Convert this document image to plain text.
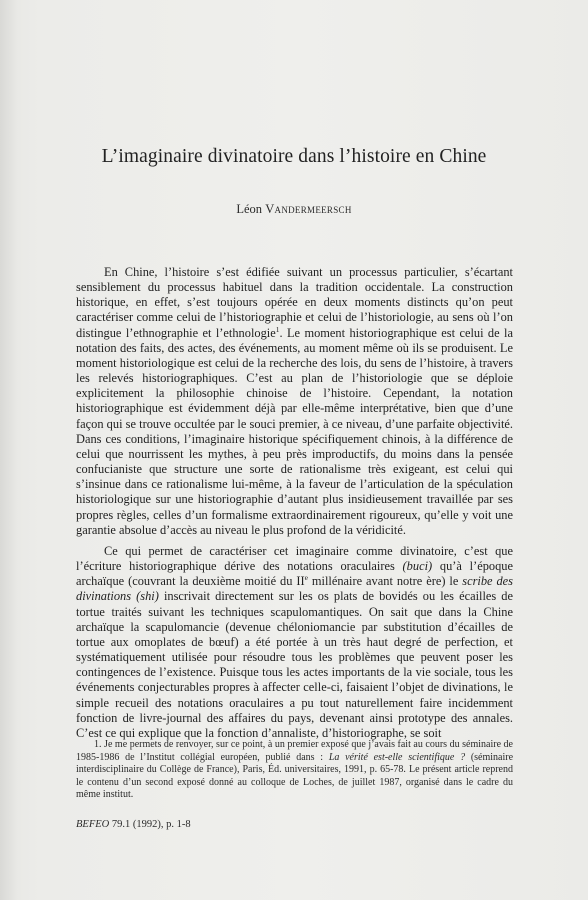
L’imaginaire divinatoire dans l’histoire en Chine
Léon Vandermeersch

En Chine, l’histoire s’est édifiée suivant un processus particulier, s’écartant sensiblement du processus habituel dans la tradition occidentale. La construction historique, en effet, s’est toujours opérée en deux moments distincts qu’on peut caractériser comme celui de l’historiographie et celui de l’historiologie, au sens où l’on distingue l’ethnographie et l’ethnologie$^1$. Le moment historiographique est celui de la notation des faits, des actes, des événements, au moment même où ils se produisent. Le moment historiologique est celui de la recherche des lois, du sens de l’histoire, à travers les relevés historiographiques. C’est au plan de l’historiologie que se déploie explicitement la philosophie chinoise de l’histoire. Cependant, la notation historiographique est évidemment déjà par elle-même interprétative, bien que d’une façon qui se trouve occultée par le souci premier, à ce niveau, d’une parfaite objectivité. Dans ces conditions, l’imaginaire historique spécifiquement chinois, à la différence de celui que nourrissent les mythes, à peu près improductifs, du moins dans la pensée confucianiste que structure une sorte de rationalisme très exigeant, est celui qui s’insinue dans ce rationalisme lui-même, à la faveur de l’articulation de la spéculation historiologique sur une historiographie d’autant plus insidieusement travaillée par ses propres règles, celles d’un formalisme extraordinairement rigoureux, qu’elle y voit une garantie absolue d’accès au niveau le plus profond de la véridicité.

Ce qui permet de caractériser cet imaginaire comme divinatoire, c’est que l’écriture historiographique dérive des notations oraculaires (buci) qu’à l’époque archaïque (couvrant la deuxième moitié du IIe millénaire avant notre ère) le scribe des divinations (shi) inscrivait directement sur les os plats de bovidés ou les écailles de tortue traités suivant les techniques scapulomantiques. On sait que dans la Chine archaïque la scapulomancie (devenue chéloniomancie par substitution d’écailles de tortue aux omoplates de bœuf) a été portée à un très haut degré de perfection, et systématiquement utilisée pour résoudre tous les problèmes que peuvent poser les contingences de l’existence. Puisque tous les actes importants de la vie sociale, tous les événements conjecturables propres à affecter celle-ci, faisaient l’objet de divinations, le simple recueil des notations oraculaires a pu tout naturellement faire incidemment fonction de livre-journal des affaires du pays, devenant ainsi prototype des annales. C’est ce qui explique que la fonction d’annaliste, d’historiographe, se soit

1. Je me permets de renvoyer, sur ce point, à un premier exposé que j’avais fait au cours du séminaire de 1985-1986 de l’Institut collégial européen, publié dans : La vérité est-elle scientifique ? (séminaire interdisciplinaire du Collège de France), Paris, Éd. universitaires, 1991, p. 65-78. Le présent article reprend le contenu d’un second exposé donné au colloque de Loches, de juillet 1987, organisé dans le cadre du même institut.

BEFEO 79.1 (1992), p. 1-8
